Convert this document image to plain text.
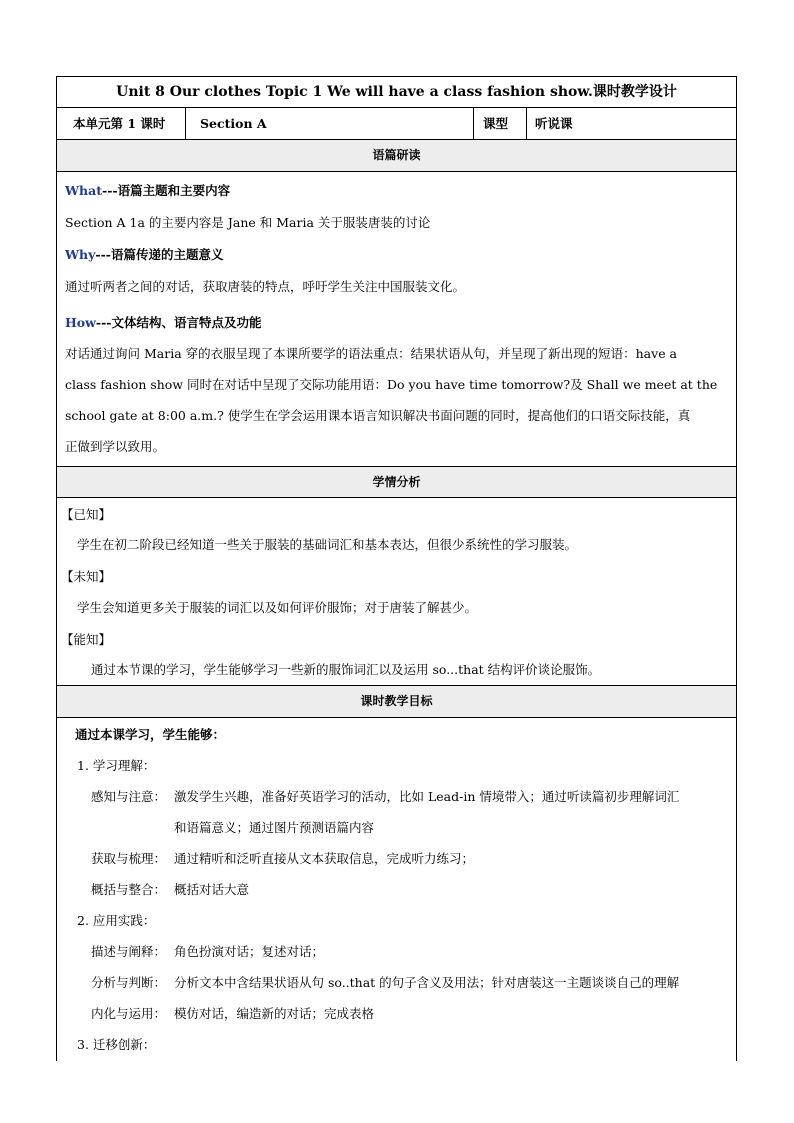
Unit 8 Our clothes Topic 1 We will have a class fashion show.课时教学设计
本单元第 1 课时	Section A	课型	听说课
语篇研读
What---语篇主题和主要内容
Section A 1a 的主要内容是 Jane 和 Maria 关于服装唐装的讨论
Why---语篇传递的主题意义
通过听两者之间的对话，获取唐装的特点，呼吁学生关注中国服装文化。
How---文体结构、语言特点及功能
对话通过询问 Maria 穿的衣服呈现了本课所要学的语法重点：结果状语从句，并呈现了新出现的短语：have a
class fashion show 同时在对话中呈现了交际功能用语：Do you have time tomorrow?及 Shall we meet at the
school gate at 8:00 a.m.? 使学生在学会运用课本语言知识解决书面问题的同时，提高他们的口语交际技能，真
正做到学以致用。
学情分析
【已知】
学生在初二阶段已经知道一些关于服装的基础词汇和基本表达，但很少系统性的学习服装。
【未知】
学生会知道更多关于服装的词汇以及如何评价服饰；对于唐装了解甚少。
【能知】
通过本节课的学习，学生能够学习一些新的服饰词汇以及运用 so...that 结构评价谈论服饰。
课时教学目标
通过本课学习，学生能够：
1. 学习理解：
感知与注意： 激发学生兴趣，准备好英语学习的活动，比如 Lead-in 情境带入；通过听读篇初步理解词汇
和语篇意义；通过图片预测语篇内容
获取与梳理： 通过精听和泛听直接从文本获取信息，完成听力练习；
概括与整合： 概括对话大意
2. 应用实践：
描述与阐释： 角色扮演对话；复述对话；
分析与判断： 分析文本中含结果状语从句 so..that 的句子含义及用法；针对唐装这一主题谈谈自己的理解
内化与运用： 模仿对话，编造新的对话；完成表格
3. 迁移创新：
